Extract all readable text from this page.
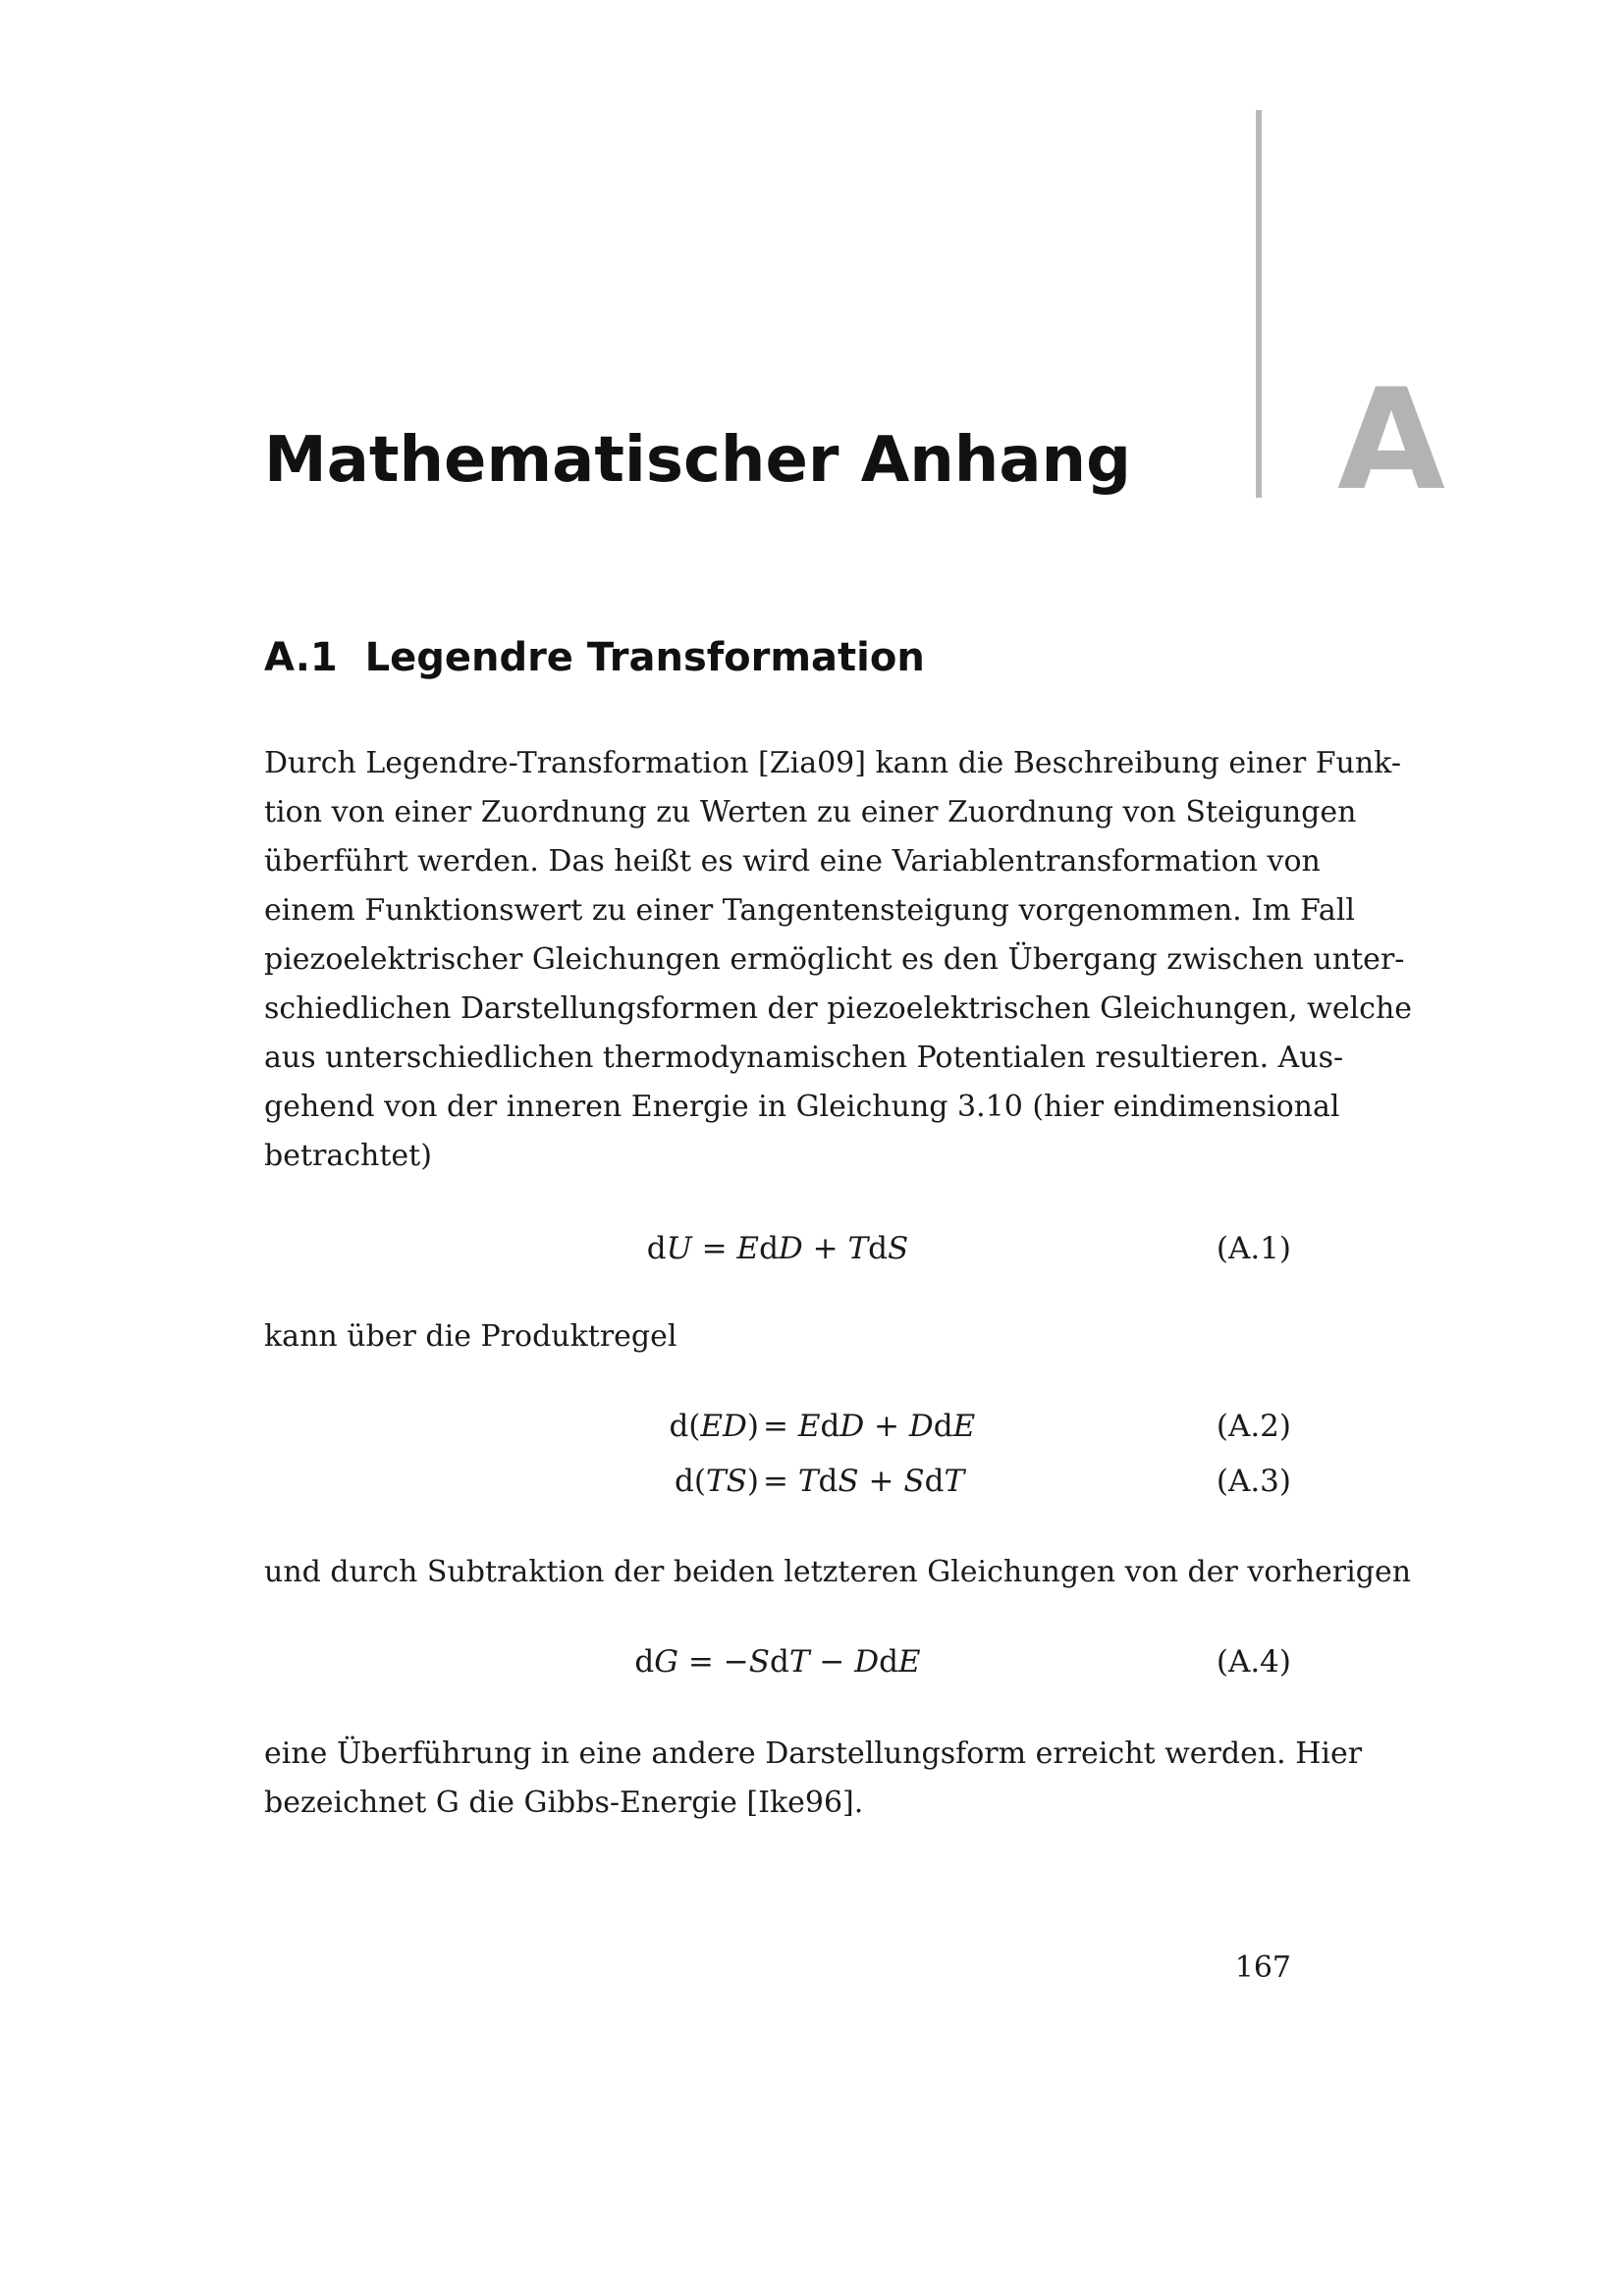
A
Mathematischer Anhang
A.1 Legendre Transformation
Durch Legendre-Transformation [Zia09] kann die Beschreibung einer Funk-
tion von einer Zuordnung zu Werten zu einer Zuordnung von Steigungen
überführt werden. Das heißt es wird eine Variablentransformation von
einem Funktionswert zu einer Tangentensteigung vorgenommen. Im Fall
piezoelektrischer Gleichungen ermöglicht es den Übergang zwischen unter-
schiedlichen Darstellungsformen der piezoelektrischen Gleichungen, welche
aus unterschiedlichen thermodynamischen Potentialen resultieren. Aus-
gehend von der inneren Energie in Gleichung 3.10 (hier eindimensional
betrachtet)
dU = EdD + TdS	(A.1)
kann über die Produktregel
d(ED) = EdD + DdE	(A.2)
d(TS) = TdS + SdT	(A.3)
und durch Subtraktion der beiden letzteren Gleichungen von der vorherigen
dG = −SdT − DdE	(A.4)
eine Überführung in eine andere Darstellungsform erreicht werden. Hier
bezeichnet G die Gibbs-Energie [Ike96].
167
